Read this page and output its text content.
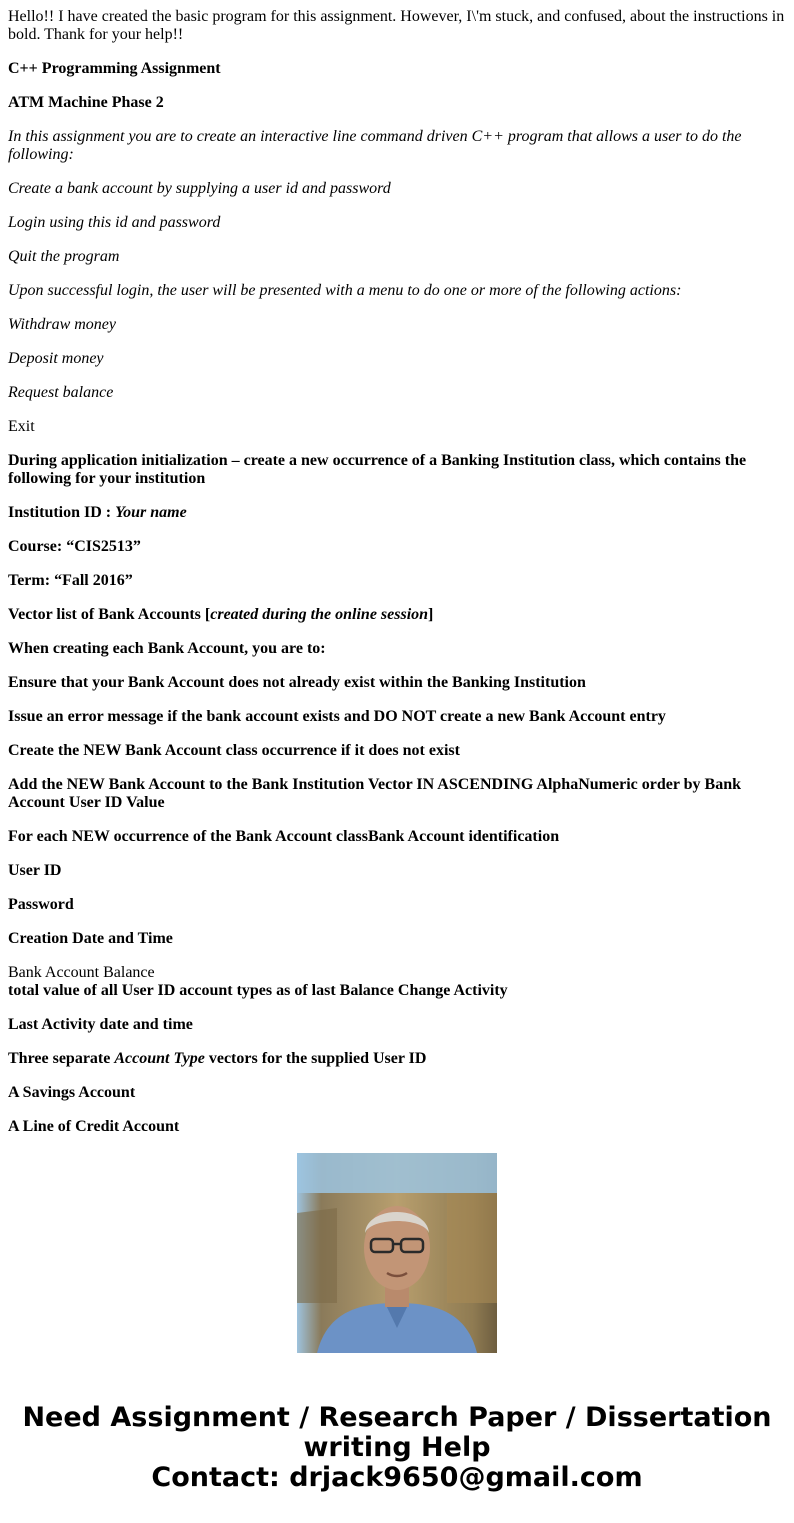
Hello!! I have created the basic program for this assignment. However, I\'m stuck, and confused, about the instructions in bold. Thank for your help!!

C++ Programming Assignment

ATM Machine Phase 2

In this assignment you are to create an interactive line command driven C++ program that allows a user to do the following:

Create a bank account by supplying a user id and password

Login using this id and password

Quit the program

Upon successful login, the user will be presented with a menu to do one or more of the following actions:

Withdraw money

Deposit money

Request balance

Exit

During application initialization – create a new occurrence of a Banking Institution class, which contains the following for your institution

Institution ID : Your name

Course: “CIS2513”

Term: “Fall 2016”

Vector list of Bank Accounts [created during the online session]

When creating each Bank Account, you are to:

Ensure that your Bank Account does not already exist within the Banking Institution

Issue an error message if the bank account exists and DO NOT create a new Bank Account entry

Create the NEW Bank Account class occurrence if it does not exist

Add the NEW Bank Account to the Bank Institution Vector IN ASCENDING AlphaNumeric order by Bank Account User ID Value

For each NEW occurrence of the Bank Account classBank Account identification

User ID

Password

Creation Date and Time

Bank Account Balance
total value of all User ID account types as of last Balance Change Activity

Last Activity date and time

Three separate Account Type vectors for the supplied User ID

A Savings Account

A Line of Credit Account

Need Assignment / Research Paper / Dissertation
writing Help
Contact: drjack9650@gmail.com
